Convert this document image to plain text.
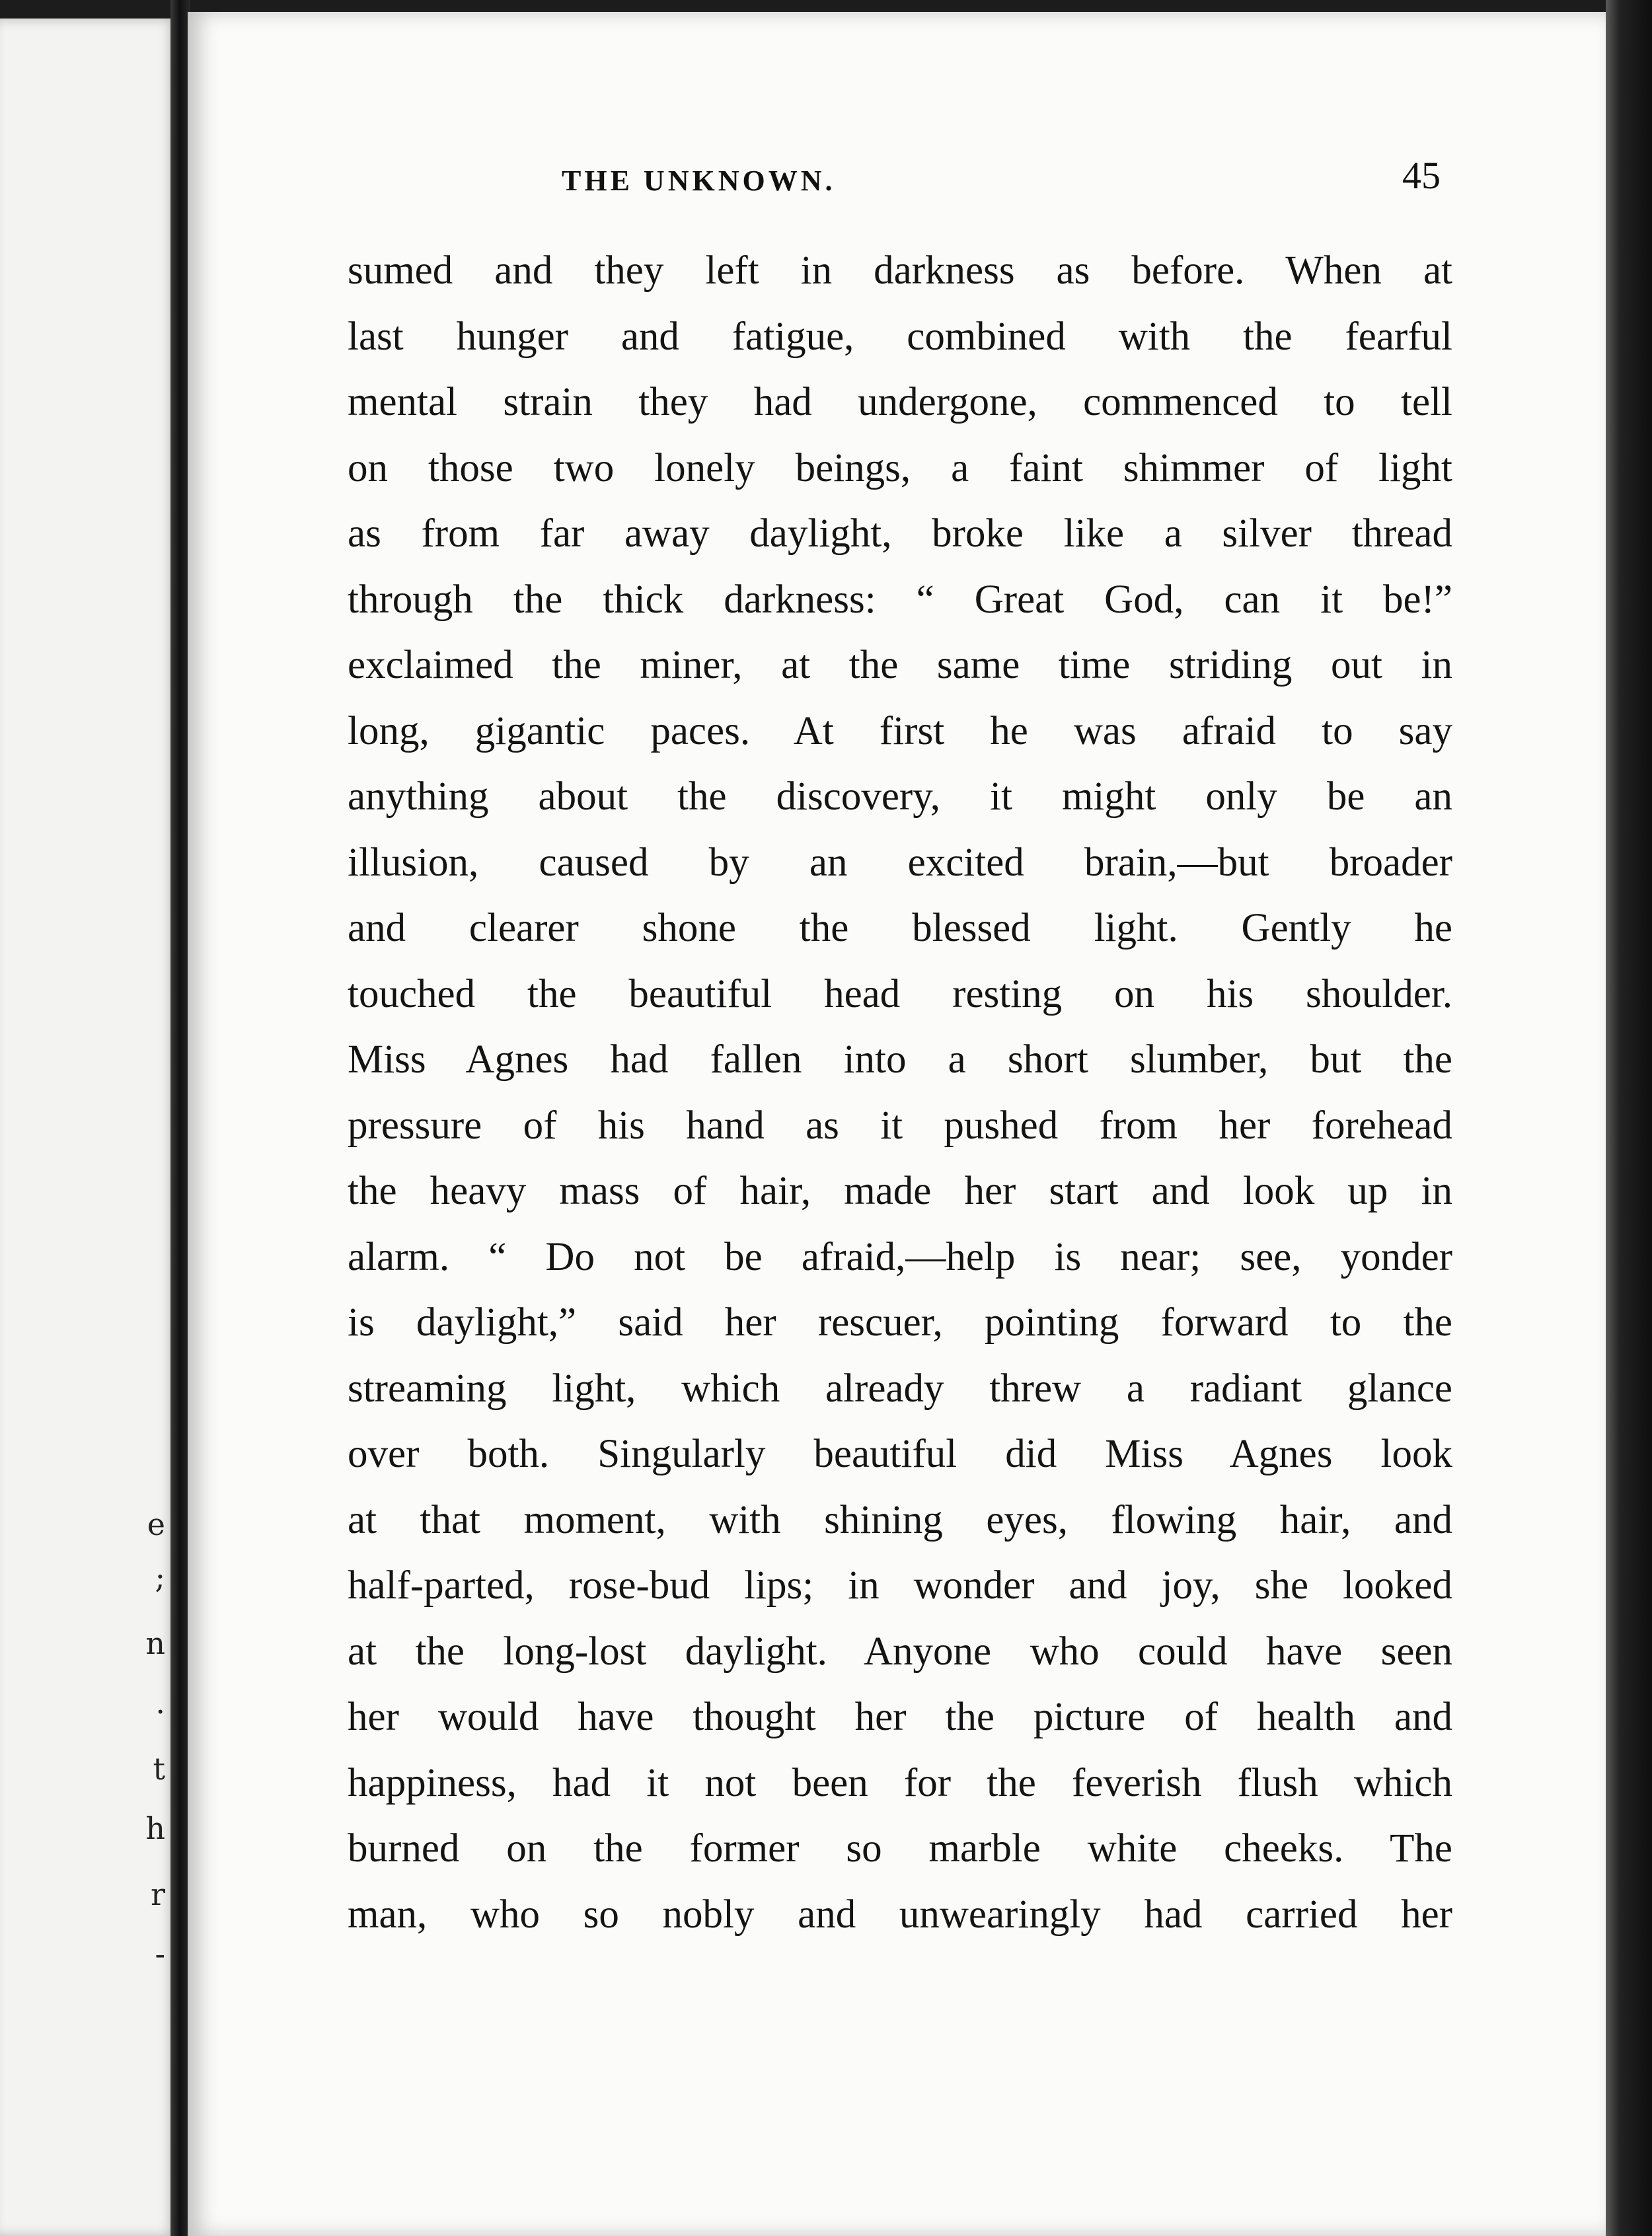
e
;
n
.
t
h
r
-
THE UNKNOWN.	45
sumed and they left in darkness as before. When at
last hunger and fatigue, combined with the fearful
mental strain they had undergone, commenced to tell
on those two lonely beings, a faint shimmer of light
as from far away daylight, broke like a silver thread
through the thick darkness: “ Great God, can it be!”
exclaimed the miner, at the same time striding out in
long, gigantic paces. At first he was afraid to say
anything about the discovery, it might only be an
illusion, caused by an excited brain,—but broader
and clearer shone the blessed light. Gently he
touched the beautiful head resting on his shoulder.
Miss Agnes had fallen into a short slumber, but the
pressure of his hand as it pushed from her forehead
the heavy mass of hair, made her start and look up in
alarm. “ Do not be afraid,—help is near; see, yonder
is daylight,” said her rescuer, pointing forward to the
streaming light, which already threw a radiant glance
over both. Singularly beautiful did Miss Agnes look
at that moment, with shining eyes, flowing hair, and
half-parted, rose-bud lips; in wonder and joy, she looked
at the long-lost daylight. Anyone who could have seen
her would have thought her the picture of health and
happiness, had it not been for the feverish flush which
burned on the former so marble white cheeks. The
man, who so nobly and unwearingly had carried her
